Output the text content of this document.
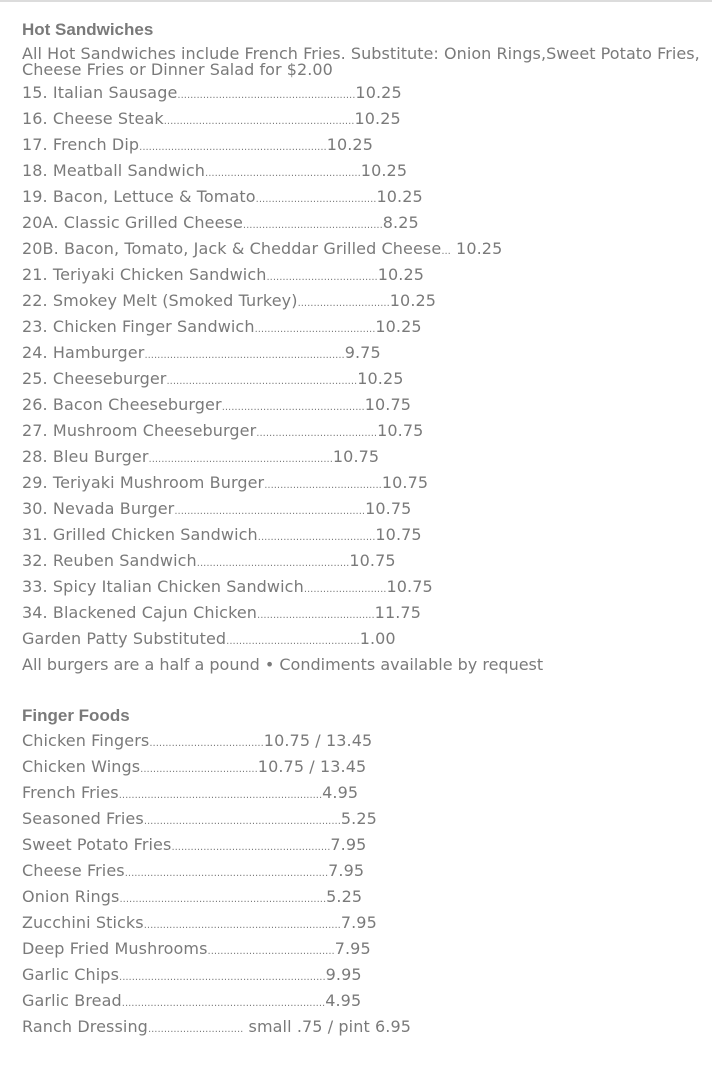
Hot Sandwiches
All Hot Sandwiches include French Fries. Substitute: Onion Rings,Sweet Potato Fries, Cheese Fries or Dinner Salad for $2.00
15. Italian Sausage........................................................10.25
16. Cheese Steak............................................................10.25
17. French Dip...........................................................10.25
18. Meatball Sandwich.................................................10.25
19. Bacon, Lettuce & Tomato......................................10.25
20A. Classic Grilled Cheese............................................8.25
20B. Bacon, Tomato, Jack & Cheddar Grilled Cheese... 10.25
21. Teriyaki Chicken Sandwich...................................10.25
22. Smokey Melt (Smoked Turkey).............................10.25
23. Chicken Finger Sandwich......................................10.25
24. Hamburger...............................................................9.75
25. Cheeseburger............................................................10.25
26. Bacon Cheeseburger.............................................10.75
27. Mushroom Cheeseburger......................................10.75
28. Bleu Burger..........................................................10.75
29. Teriyaki Mushroom Burger.....................................10.75
30. Nevada Burger............................................................10.75
31. Grilled Chicken Sandwich.....................................10.75
32. Reuben Sandwich................................................10.75
33. Spicy Italian Chicken Sandwich..........................10.75
34. Blackened Cajun Chicken.....................................11.75
Garden Patty Substituted..........................................1.00
All burgers are a half a pound • Condiments available by request
Finger Foods
Chicken Fingers....................................10.75 / 13.45
Chicken Wings.....................................10.75 / 13.45
French Fries................................................................4.95
Seasoned Fries..............................................................5.25
Sweet Potato Fries..................................................7.95
Cheese Fries................................................................7.95
Onion Rings.................................................................5.25
Zucchini Sticks..............................................................7.95
Deep Fried Mushrooms........................................7.95
Garlic Chips.................................................................9.95
Garlic Bread................................................................4.95
Ranch Dressing.............................. small .75 / pint 6.95
